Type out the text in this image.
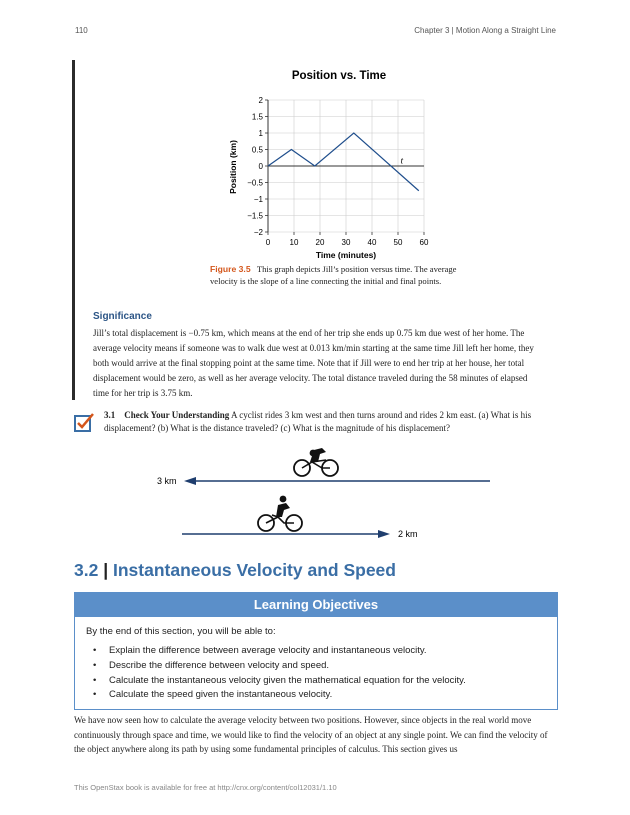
110	Chapter 3 | Motion Along a Straight Line
Position vs. Time
0 10 20 30 40 50 60
2
1.5
1
0.5
0
−0.5
−1
−1.5
−2
t
Time (minutes)
Position (km)
Figure 3.5 This graph depicts Jill’s position versus time. The average velocity is the slope of a line connecting the initial and final points.
Significance
Jill’s total displacement is −0.75 km, which means at the end of her trip she ends up 0.75 km due west of her home. The average velocity means if someone was to walk due west at 0.013 km/min starting at the same time Jill left her home, they both would arrive at the final stopping point at the same time. Note that if Jill were to end her trip at her house, her total displacement would be zero, as well as her average velocity. The total distance traveled during the 58 minutes of elapsed time for her trip is 3.75 km.
3.1 Check Your Understanding A cyclist rides 3 km west and then turns around and rides 2 km east. (a) What is his displacement? (b) What is the distance traveled? (c) What is the magnitude of his displacement?
3 km
2 km
3.2 | Instantaneous Velocity and Speed
Learning Objectives
By the end of this section, you will be able to:
• Explain the difference between average velocity and instantaneous velocity.
• Describe the difference between velocity and speed.
• Calculate the instantaneous velocity given the mathematical equation for the velocity.
• Calculate the speed given the instantaneous velocity.
We have now seen how to calculate the average velocity between two positions. However, since objects in the real world move continuously through space and time, we would like to find the velocity of an object at any single point. We can find the velocity of the object anywhere along its path by using some fundamental principles of calculus. This section gives us
This OpenStax book is available for free at http://cnx.org/content/col12031/1.10
